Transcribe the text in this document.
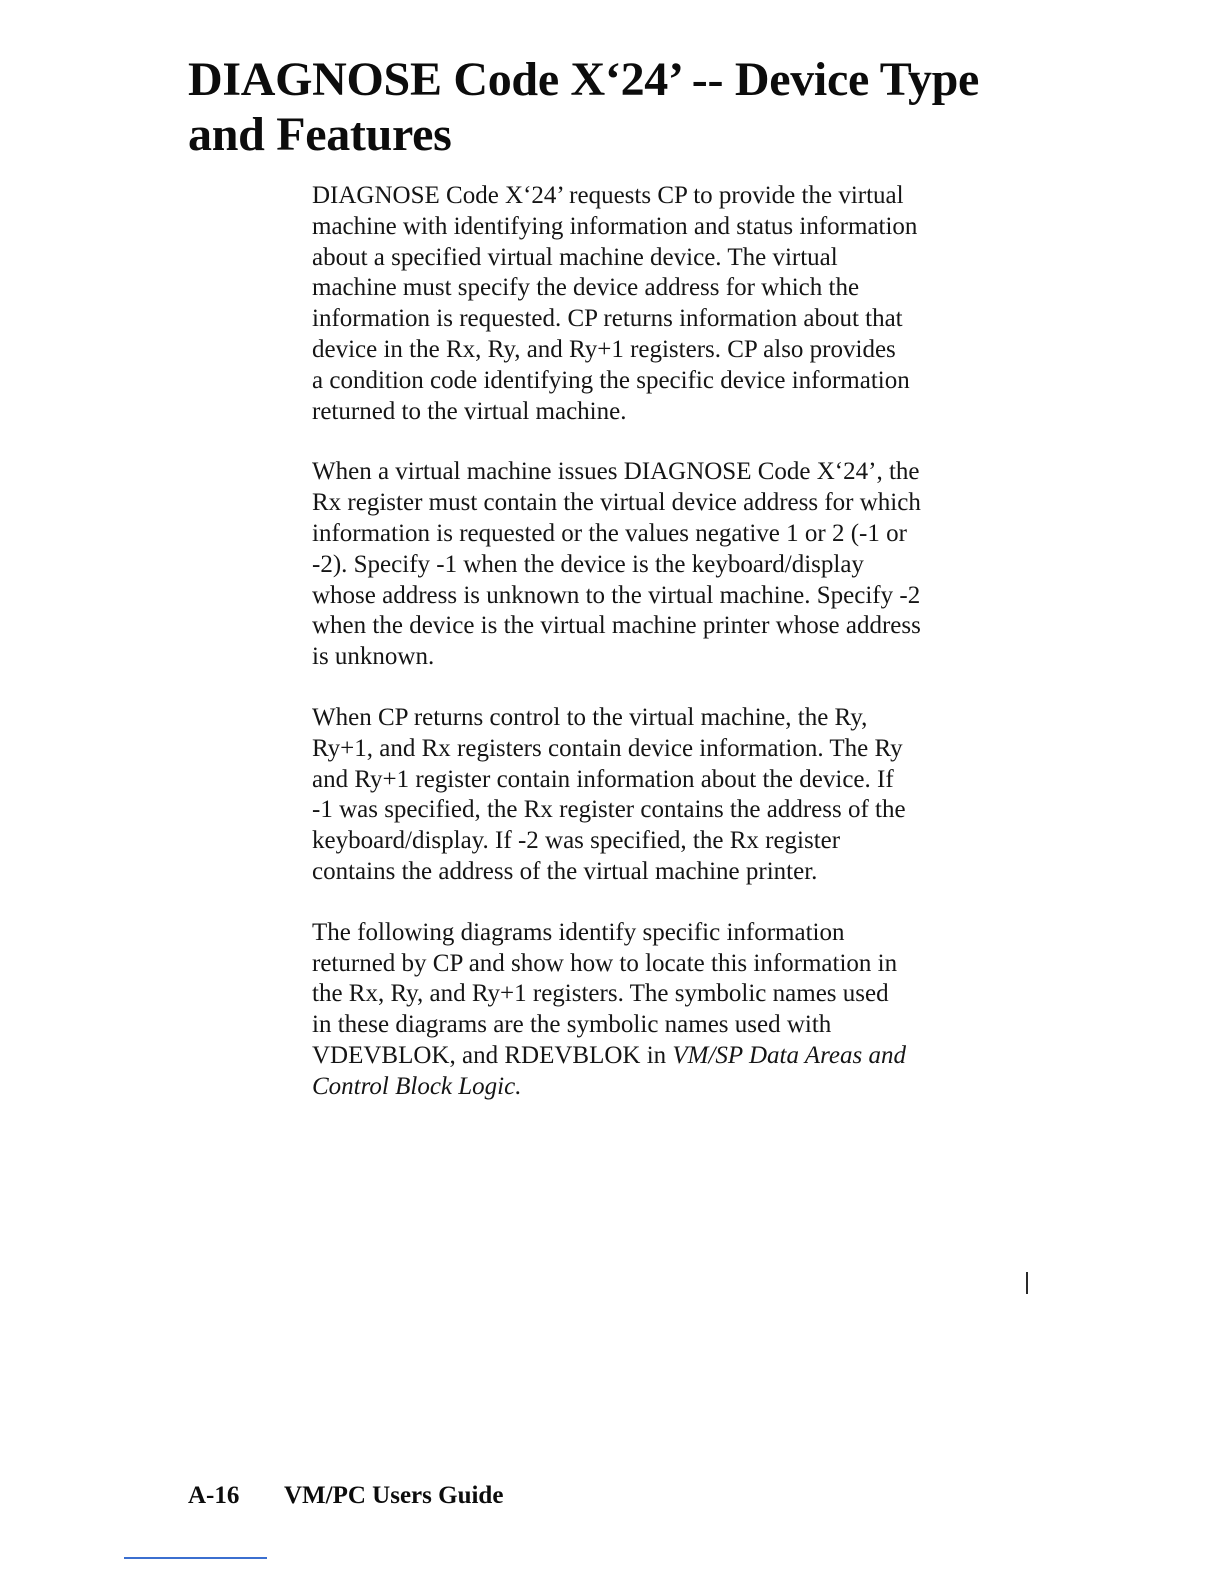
DIAGNOSE Code X‘24’ -- Device Type and Features

DIAGNOSE Code X‘24’ requests CP to provide the virtual
machine with identifying information and status information
about a specified virtual machine device. The virtual
machine must specify the device address for which the
information is requested. CP returns information about that
device in the Rx, Ry, and Ry+1 registers. CP also provides
a condition code identifying the specific device information
returned to the virtual machine.

When a virtual machine issues DIAGNOSE Code X‘24’, the
Rx register must contain the virtual device address for which
information is requested or the values negative 1 or 2 (-1 or
-2). Specify -1 when the device is the keyboard/display
whose address is unknown to the virtual machine. Specify -2
when the device is the virtual machine printer whose address
is unknown.

When CP returns control to the virtual machine, the Ry,
Ry+1, and Rx registers contain device information. The Ry
and Ry+1 register contain information about the device. If
-1 was specified, the Rx register contains the address of the
keyboard/display. If -2 was specified, the Rx register
contains the address of the virtual machine printer.

The following diagrams identify specific information
returned by CP and show how to locate this information in
the Rx, Ry, and Ry+1 registers. The symbolic names used
in these diagrams are the symbolic names used with
VDEVBLOK, and RDEVBLOK in VM/SP Data Areas and
Control Block Logic.

A-16 VM/PC Users Guide
